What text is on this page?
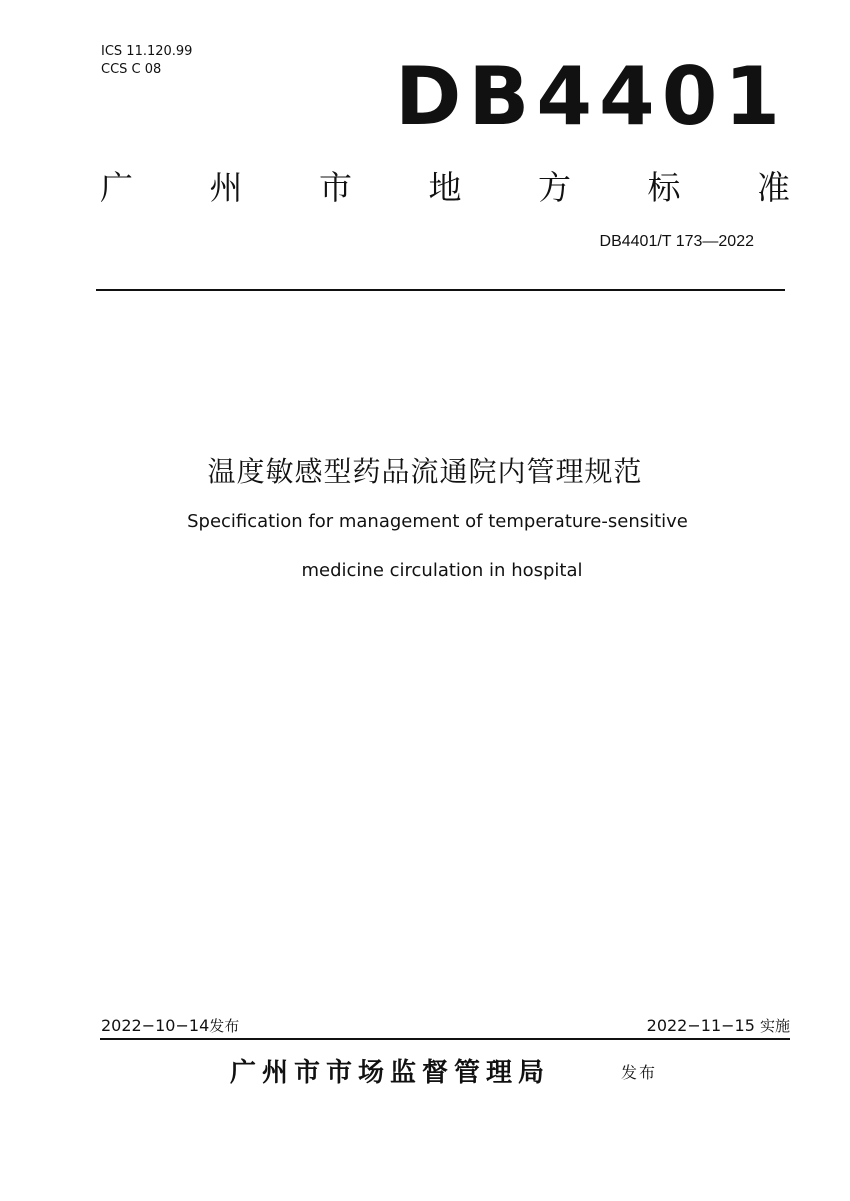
ICS 11.120.99
CCS C 08	DB4401
广 州 市 地 方 标 准
DB4401/T 173—2022
温度敏感型药品流通院内管理规范
Specification for management of temperature-sensitive
medicine circulation in hospital
2022−10−14发布	2022−11−15 实施
广州市市场监督管理局	发布
